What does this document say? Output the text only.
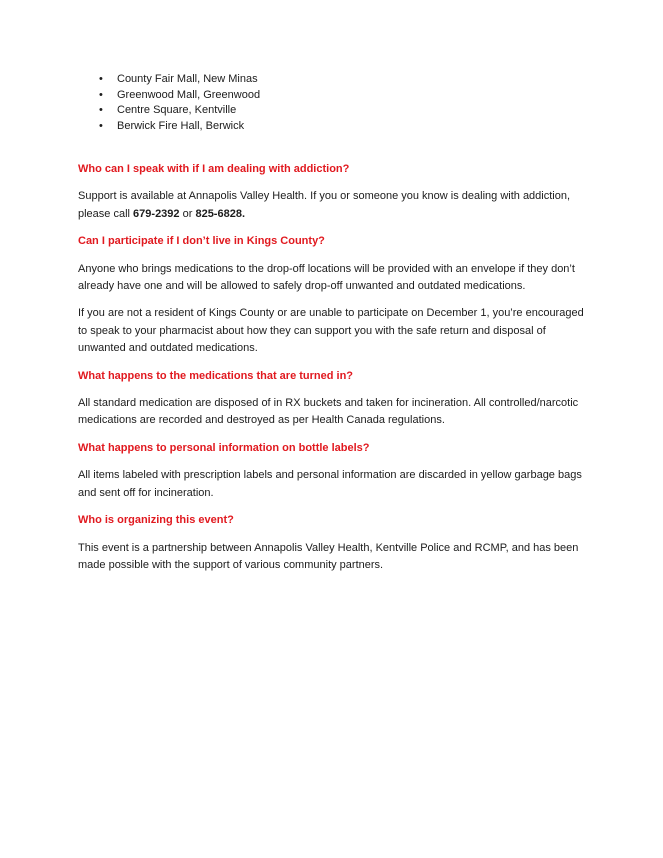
• County Fair Mall, New Minas
• Greenwood Mall, Greenwood
• Centre Square, Kentville
• Berwick Fire Hall, Berwick
Who can I speak with if I am dealing with addiction?

Support is available at Annapolis Valley Health. If you or someone you know is dealing with addiction, please call 679-2392 or 825-6828.

Can I participate if I don’t live in Kings County?

Anyone who brings medications to the drop-off locations will be provided with an envelope if they don’t already have one and will be allowed to safely drop-off unwanted and outdated medications.

If you are not a resident of Kings County or are unable to participate on December 1, you’re encouraged to speak to your pharmacist about how they can support you with the safe return and disposal of unwanted and outdated medications.

What happens to the medications that are turned in?

All standard medication are disposed of in RX buckets and taken for incineration. All controlled/narcotic medications are recorded and destroyed as per Health Canada regulations.

What happens to personal information on bottle labels?

All items labeled with prescription labels and personal information are discarded in yellow garbage bags and sent off for incineration.

Who is organizing this event?

This event is a partnership between Annapolis Valley Health, Kentville Police and RCMP, and has been made possible with the support of various community partners.
